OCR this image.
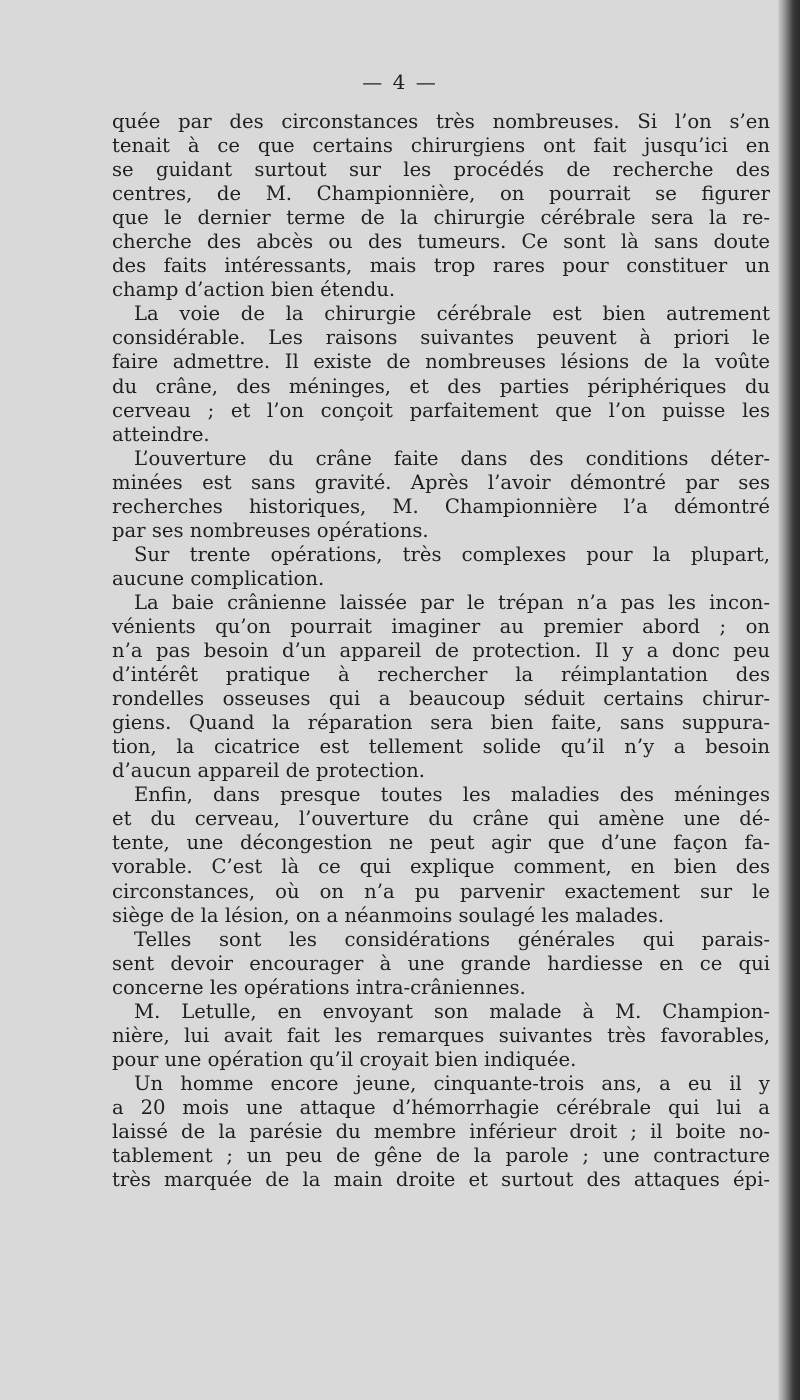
— 4 —
quée par des circonstances très nombreuses. Si l’on s’en
tenait à ce que certains chirurgiens ont fait jusqu’ici en
se guidant surtout sur les procédés de recherche des
centres, de M. Championnière, on pourrait se figurer
que le dernier terme de la chirurgie cérébrale sera la re-
cherche des abcès ou des tumeurs. Ce sont là sans doute
des faits intéressants, mais trop rares pour constituer un
champ d’action bien étendu.
La voie de la chirurgie cérébrale est bien autrement
considérable. Les raisons suivantes peuvent à priori le
faire admettre. Il existe de nombreuses lésions de la voûte
du crâne, des méninges, et des parties périphériques du
cerveau ; et l’on conçoit parfaitement que l’on puisse les
atteindre.
L’ouverture du crâne faite dans des conditions déter-
minées est sans gravité. Après l’avoir démontré par ses
recherches historiques, M. Championnière l’a démontré
par ses nombreuses opérations.
Sur trente opérations, très complexes pour la plupart,
aucune complication.
La baie crânienne laissée par le trépan n’a pas les incon-
vénients qu’on pourrait imaginer au premier abord ; on
n’a pas besoin d’un appareil de protection. Il y a donc peu
d’intérêt pratique à rechercher la réimplantation des
rondelles osseuses qui a beaucoup séduit certains chirur-
giens. Quand la réparation sera bien faite, sans suppura-
tion, la cicatrice est tellement solide qu’il n’y a besoin
d’aucun appareil de protection.
Enfin, dans presque toutes les maladies des méninges
et du cerveau, l’ouverture du crâne qui amène une dé-
tente, une décongestion ne peut agir que d’une façon fa-
vorable. C’est là ce qui explique comment, en bien des
circonstances, où on n’a pu parvenir exactement sur le
siège de la lésion, on a néanmoins soulagé les malades.
Telles sont les considérations générales qui parais-
sent devoir encourager à une grande hardiesse en ce qui
concerne les opérations intra-crâniennes.
M. Letulle, en envoyant son malade à M. Champion-
nière, lui avait fait les remarques suivantes très favorables,
pour une opération qu’il croyait bien indiquée.
Un homme encore jeune, cinquante-trois ans, a eu il y
a 20 mois une attaque d’hémorrhagie cérébrale qui lui a
laissé de la parésie du membre inférieur droit ; il boite no-
tablement ; un peu de gêne de la parole ; une contracture
très marquée de la main droite et surtout des attaques épi-
